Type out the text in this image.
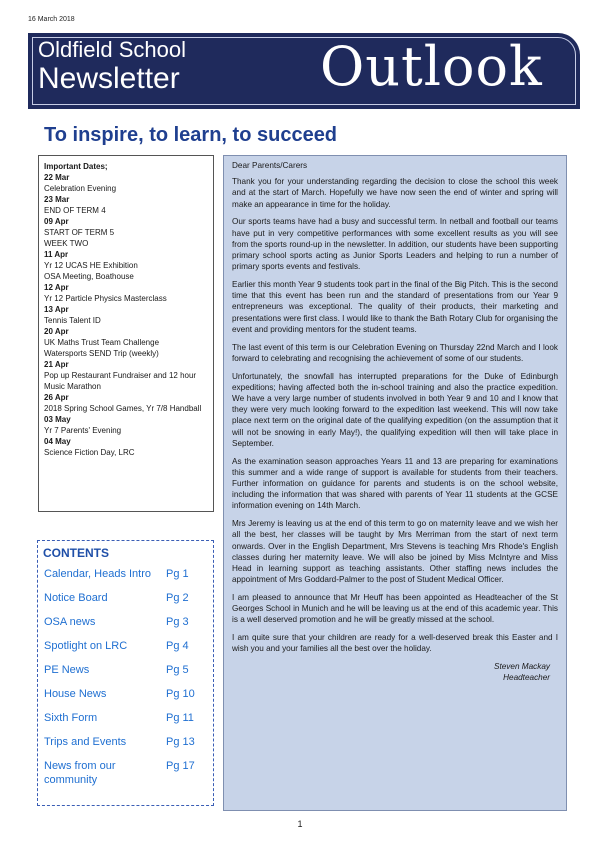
16 March 2018
Oldfield School
Newsletter	Outlook
To inspire, to learn, to succeed
Important Dates;
22 Mar
Celebration Evening
23 Mar
END OF TERM 4
09 Apr
START OF TERM 5
WEEK TWO
11 Apr
Yr 12 UCAS HE Exhibition
OSA Meeting, Boathouse
12 Apr
Yr 12 Particle Physics Masterclass
13 Apr
Tennis Talent ID
20 Apr
UK Maths Trust Team Challenge
Watersports SEND Trip (weekly)
21 Apr
Pop up Restaurant Fundraiser and 12 hour Music Marathon
26 Apr
2018 Spring School Games, Yr 7/8 Handball
03 May
Yr 7 Parents' Evening
04 May
Science Fiction Day, LRC
CONTENTS
Calendar, Heads Intro Pg 1
Notice Board	Pg 2
OSA news	Pg 3
Spotlight on LRC	Pg 4
PE News	Pg 5
House News	Pg 10
Sixth Form	Pg 11
Trips and Events	Pg 13
News from our community
Pg 17

Dear Parents/Carers

Thank you for your understanding regarding the decision to close the school this week and at the start of March. Hopefully we have now seen the end of winter and spring will make an appearance in time for the holiday.

Our sports teams have had a busy and successful term. In netball and football our teams have put in very competitive performances with some excellent results as you will see from the sports round-up in the newsletter. In addition, our students have been supporting primary school sports acting as Junior Sports Leaders and helping to run a number of primary sports events and festivals.

Earlier this month Year 9 students took part in the final of the Big Pitch. This is the second time that this event has been run and the standard of presentations from our Year 9 entrepreneurs was exceptional. The quality of their products, their marketing and presentations were first class. I would like to thank the Bath Rotary Club for organising the event and providing mentors for the student teams.

The last event of this term is our Celebration Evening on Thursday 22nd March and I look forward to celebrating and recognising the achievement of some of our students.

Unfortunately, the snowfall has interrupted preparations for the Duke of Edinburgh expeditions; having affected both the in-school training and also the practice expedition. We have a very large number of students involved in both Year 9 and 10 and I know that they were very much looking forward to the expedition last weekend. This will now take place next term on the original date of the qualifying expedition (on the assumption that it will not be snowing in early May!), the qualifying expedition will then will take place in September.

As the examination season approaches Years 11 and 13 are preparing for examinations this summer and a wide range of support is available for students from their teachers. Further information on guidance for parents and students is on the school website, including the information that was shared with parents of Year 11 students at the GCSE information evening on 14th March.

Mrs Jeremy is leaving us at the end of this term to go on maternity leave and we wish her all the best, her classes will be taught by Mrs Merriman from the start of next term onwards. Over in the English Department, Mrs Stevens is teaching Mrs Rhode's English classes during her maternity leave. We will also be joined by Miss McIntyre and Miss Head in learning support as teaching assistants. Other staffing news includes the appointment of Mrs Goddard-Palmer to the post of Student Medical Officer.

I am pleased to announce that Mr Heuff has been appointed as Headteacher of the St Georges School in Munich and he will be leaving us at the end of this academic year. This is a well deserved promotion and he will be greatly missed at the school.

I am quite sure that your children are ready for a well-deserved break this Easter and I wish you and your families all the best over the holiday.

Steven Mackay
Headteacher
1
